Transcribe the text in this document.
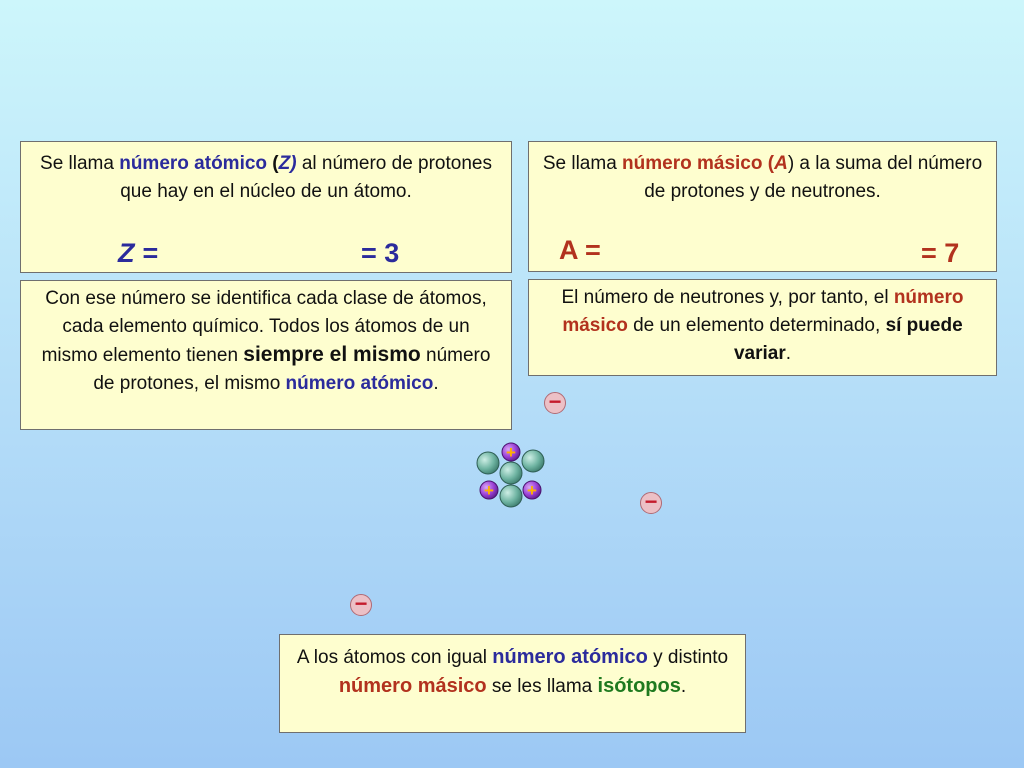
Se llama número atómico (Z) al número de protones que hay en el núcleo de un átomo.
Z =	= 3
Se llama número másico (A) a la suma del número de protones y de neutrones.
A =	= 7
Con ese número se identifica cada clase de átomos, cada elemento químico. Todos los átomos de un mismo elemento tienen siempre el mismo número de protones, el mismo número atómico.
El número de neutrones y, por tanto, el número másico de un elemento determinado, sí puede variar.
A los átomos con igual número atómico y distinto número másico se les llama isótopos.
+
+ +
−
−
−
